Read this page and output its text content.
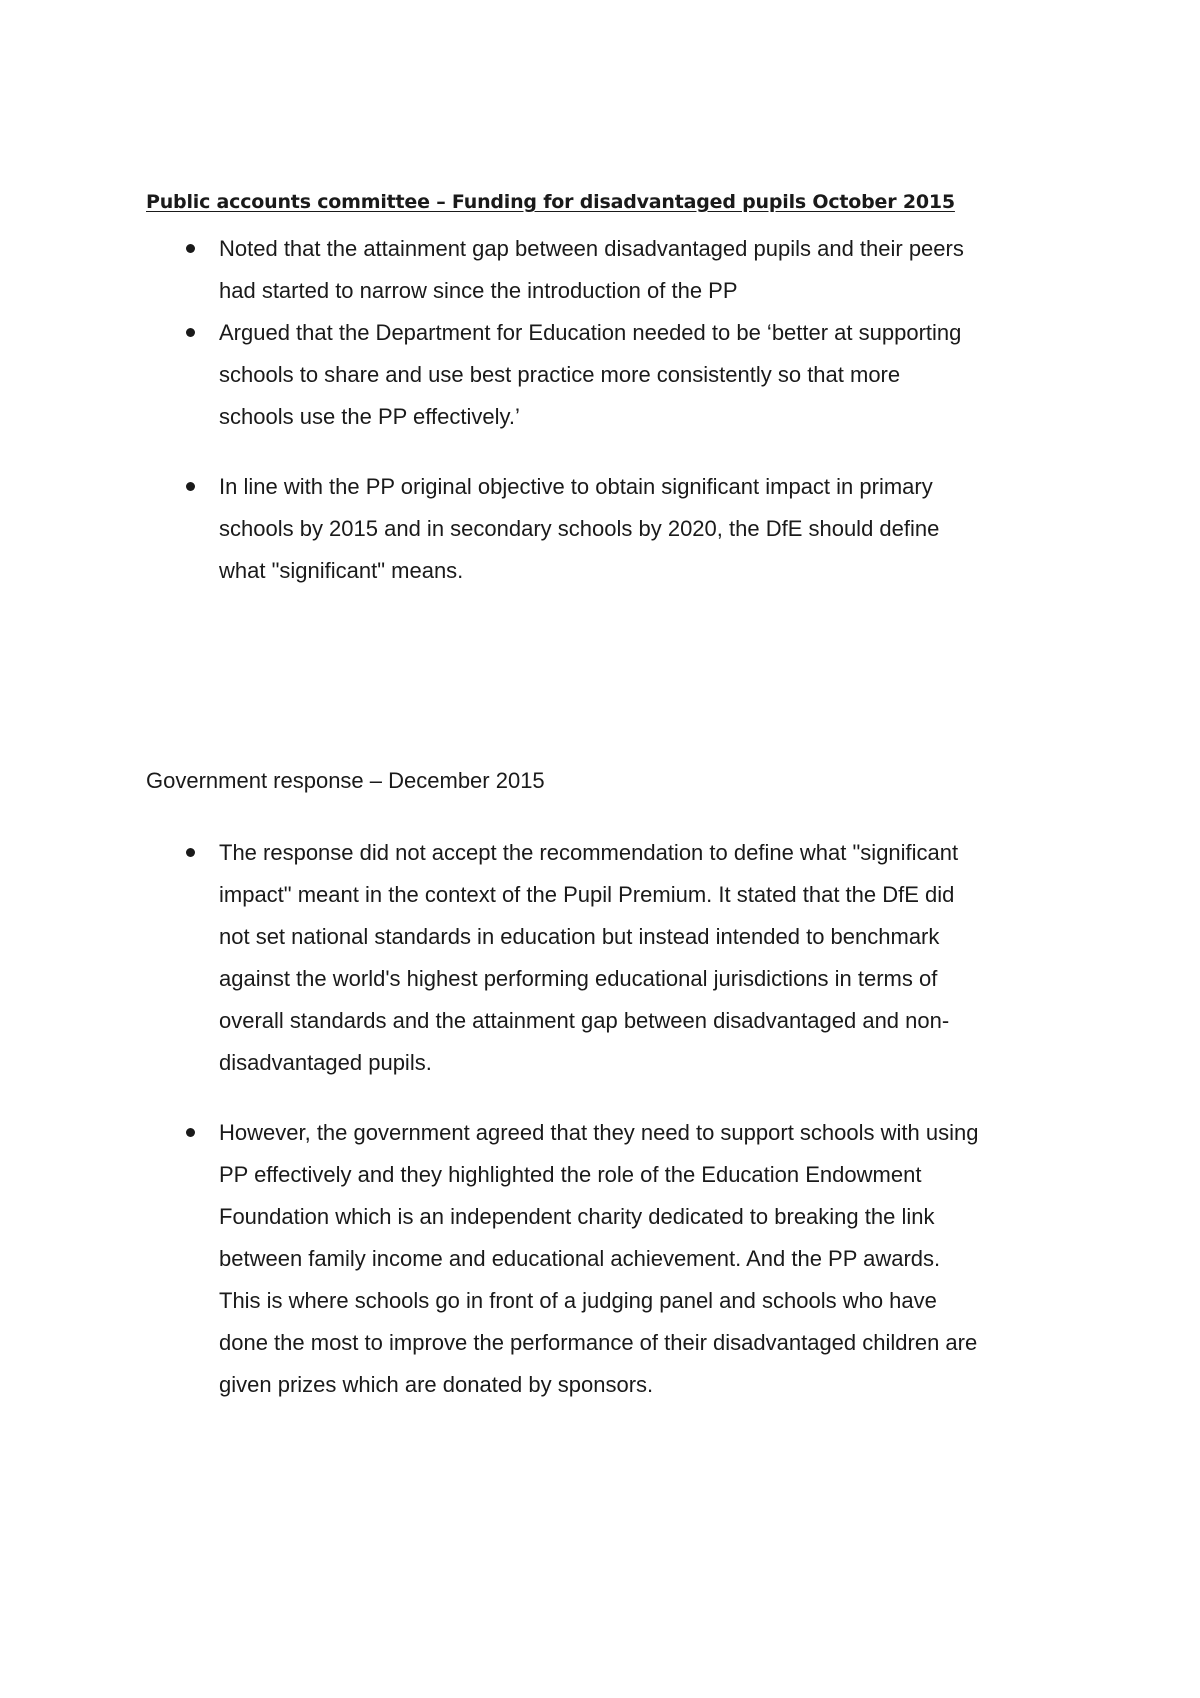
Public accounts committee – Funding for disadvantaged pupils October 2015
Noted that the attainment gap between disadvantaged pupils and their peers
had started to narrow since the introduction of the PP
Argued that the Department for Education needed to be ‘better at supporting
schools to share and use best practice more consistently so that more
schools use the PP effectively.’
In line with the PP original objective to obtain significant impact in primary
schools by 2015 and in secondary schools by 2020, the DfE should define
what "significant" means.
Government response – December 2015
The response did not accept the recommendation to define what "significant
impact" meant in the context of the Pupil Premium. It stated that the DfE did
not set national standards in education but instead intended to benchmark
against the world's highest performing educational jurisdictions in terms of
overall standards and the attainment gap between disadvantaged and non-
disadvantaged pupils.
However, the government agreed that they need to support schools with using
PP effectively and they highlighted the role of the Education Endowment
Foundation which is an independent charity dedicated to breaking the link
between family income and educational achievement. And the PP awards.
This is where schools go in front of a judging panel and schools who have
done the most to improve the performance of their disadvantaged children are
given prizes which are donated by sponsors.
